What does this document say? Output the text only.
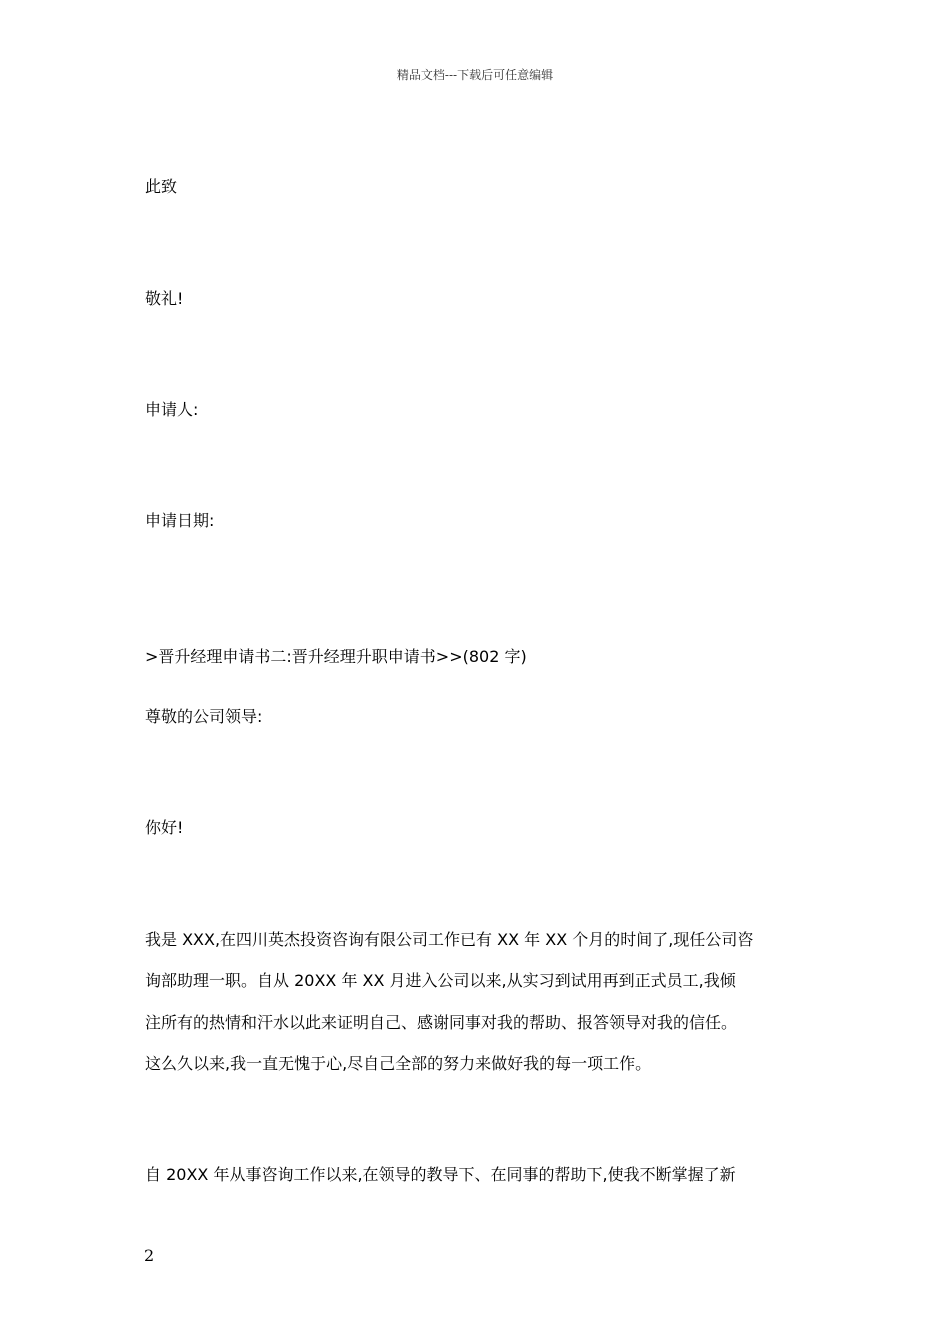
精品文档---下载后可任意编辑
此致
敬礼!
申请人:
申请日期:
>晋升经理申请书二:晋升经理升职申请书>>(802 字)
尊敬的公司领导:
你好!
我是 XXX,在四川英杰投资咨询有限公司工作已有 XX 年 XX 个月的时间了,现任公司咨
询部助理一职。自从 20XX 年 XX 月进入公司以来,从实习到试用再到正式员工,我倾
注所有的热情和汗水以此来证明自己、感谢同事对我的帮助、报答领导对我的信任。
这么久以来,我一直无愧于心,尽自己全部的努力来做好我的每一项工作。
自 20XX 年从事咨询工作以来,在领导的教导下、在同事的帮助下,使我不断掌握了新
2
